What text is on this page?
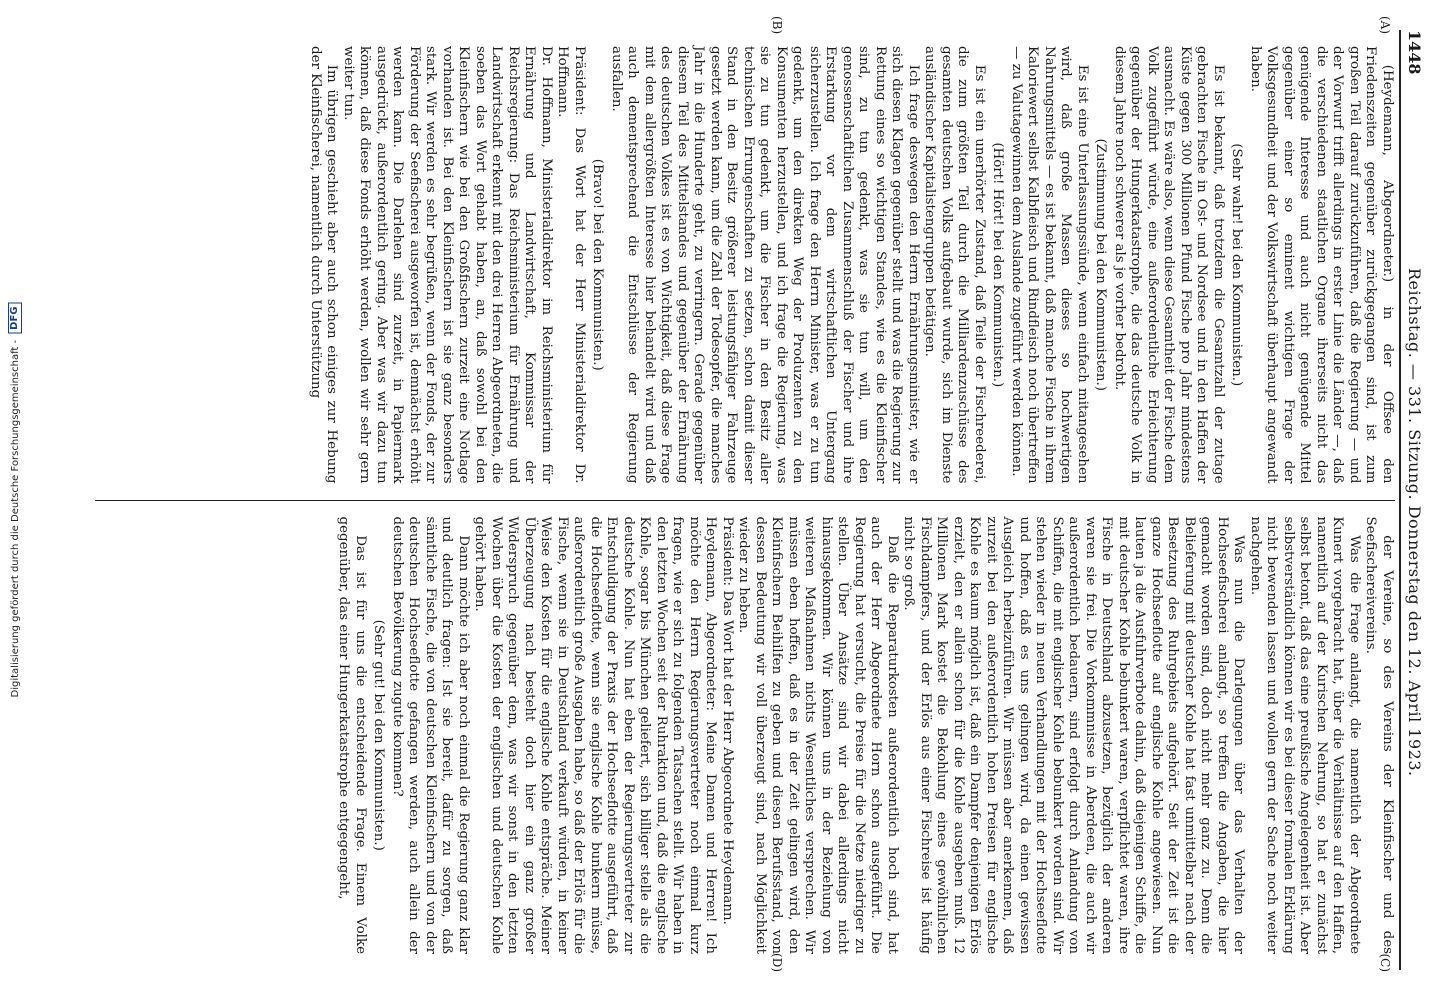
Digitalisierung gefördert durch die Deutsche Forschungsgemeinschaft -
DFG
1448
Reichstag. — 331. Sitzung. Donnerstag den 12. April 1923.
(A)
(B)

(Heydemann, Abgeordneter.) in der Offsee den Friedenszeiten gegenüber zurückgegangen sind, ist zum großen Teil darauf zurückzuführen, daß die Regierung — und der Vorwurf trifft allerdings in erster Linie die Länder —, daß die verschiedenen staatlichen Organe ihrerseits nicht das genügende Interesse und auch nicht genügende Mittel gegenüber einer so eminent wichtigen Frage der Volksgesundheit und der Volkswirtschaft überhaupt angewandt haben.

(Sehr wahr! bei den Kommunisten.)

Es ist bekannt, daß trotzdem die Gesamtzahl der zutage gebrachten Fische in Ost- und Nordsee und in den Haffen der Küste gegen 300 Millionen Pfund Fische pro Jahr mindestens ausmacht. Es wäre also, wenn diese Gesamtheit der Fische dem Volk zugeführt würde, eine außerordentliche Erleichterung gegenüber der Hungerkatastrophe, die das deutsche Volk in diesem Jahre noch schwerer als je vorher bedroht.

(Zustimmung bei den Kommunisten.)

Es ist eine Unterlassungssünde, wenn einfach mitangesehen wird, daß große Massen dieses so hochwertigen Nahrungsmittels — es ist bekannt, daß manche Fische in ihrem Kaloriewert selbst Kalbfleisch und Rindfleisch noch übertreffen — zu Valutagewinnen dem Auslande zugeführt werden können.

(Hört! Hört! bei den Kommunisten.)

Es ist ein unerhörter Zustand, daß Teile der Fischreederei, die zum größten Teil durch die Milliardenzuschüsse des gesamten deutschen Volks aufgebaut wurde, sich im Dienste ausländischer Kapitalistengruppen betätigen.

Ich frage deswegen den Herrn Ernährungsminister, wie er sich diesen Klagen gegenüber stellt und was die Regierung zur Rettung eines so wichtigen Standes, wie es die Kleinfischer sind, zu tun gedenkt, was sie tun will, um den genossenschaftlichen Zusammenschluß der Fischer und ihre Erstarkung vor dem wirtschaftlichen Untergang sicherzustellen. Ich frage den Herrn Minister, was er zu tun gedenkt, um den direkten Weg der Produzenten zu den Konsumenten herzustellen, und ich frage die Regierung, was sie zu tun gedenkt, um die Fischer in den Besitz aller technischen Errungenschaften zu setzen, schon damit dieser Stand in den Besitz größerer leistungsfähiger Fahrzeuge gesetzt werden kann, um die Zahl der Todesopfer, die manches Jahr in die Hunderte geht, zu verringern. Gerade gegenüber diesem Teil des Mittelstandes und gegenüber der Ernährung des deutschen Volkes ist es von Wichtigkeit, daß diese Frage mit dem allergrößten Interesse hier behandelt wird und daß auch dementsprechend die Entschlüsse der Regierung ausfallen.

(Bravo! bei den Kommunisten.)

Präsident: Das Wort hat der Herr Ministerialdirektor Dr. Hoffmann.

Dr. Hoffmann, Ministerialdirektor im Reichsministerium für Ernährung und Landwirtschaft, Kommissar der Reichsregierung: Das Reichsministerium für Ernährung und Landwirtschaft erkennt mit den drei Herren Abgeordneten, die soeben das Wort gehabt haben, an, daß sowohl bei den Kleinfischern wie bei den Großfischern zurzeit eine Notlage vorhanden ist. Bei den Kleinfischern ist sie ganz besonders stark. Wir werden es sehr begrüßen, wenn der Fonds, der zur Förderung der Seefischerei ausgeworfen ist, demnächst erhöht werden kann. Die Darlehen sind zurzeit, in Papiermark ausgedrückt, außerordentlich gering. Aber was wir dazu tun können, daß diese Fonds erhöht werden, wollen wir sehr gern weiter tun.

Im übrigen geschieht aber auch schon einiges zur Hebung der Kleinfischerei, namentlich durch Unterstützung

(C)
(D)

der Vereine, so des Vereins der Kleinfischer und des Seefischereivereins.

Was die Frage anlangt, die namentlich der Abgeordnete Kunert vorgebracht hat, über die Verhältnisse auf den Haffen, namentlich auf der Kurischen Nehrung, so hat er zunächst selbst betont, daß das eine preußische Angelegenheit ist. Aber selbstverständlich können wir es bei dieser formalen Erklärung nicht bewenden lassen und wollen gern der Sache noch weiter nachgehen.

Was nun die Darlegungen über das Verhalten der Hochseefischerei anlangt, so treffen die Angaben, die hier gemacht worden sind, doch nicht mehr ganz zu. Denn die Belieferung mit deutscher Kohle hat fast unmittelbar nach der Besetzung des Ruhrgebiets aufgehört. Seit der Zeit ist die ganze Hochseeflotte auf englische Kohle angewiesen. Nun lauten ja die Ausfuhrverbote dahin, daß diejenigen Schiffe, die mit deutscher Kohle bebunkert waren, verpflichtet waren, ihre Fische in Deutschland abzusetzen, bezüglich der anderen waren sie frei. Die Vorkommnisse in Aberdeen, die auch wir außerordentlich bedauern, sind erfolgt durch Anlandung von Schiffen, die mit englischer Kohle bebunkert worden sind. Wir stehen wieder in neuen Verhandlungen mit der Hochseeflotte und hoffen, daß es uns gelingen wird, da einen gewissen Ausgleich herbeizuführen. Wir müssen aber anerkennen, daß zurzeit bei den außerordentlich hohen Preisen für englische Kohle es kaum möglich ist, daß ein Dampfer denjenigen Erlös erzielt, den er allein schon für die Kohle ausgeben muß. 12 Millionen Mark kostet die Bekohlung eines gewöhnlichen Fischdampfers, und der Erlös aus einer Fischreise ist häufig nicht so groß.

Daß die Reparaturkosten außerordentlich hoch sind, hat auch der Herr Abgeordnete Horn schon ausgeführt. Die Regierung hat versucht, die Preise für die Netze niedriger zu stellen. Über Ansätze sind wir dabei allerdings nicht hinausgekommen. Wir können uns in der Beziehung von weiteren Maßnahmen nichts Wesentliches versprechen. Wir müssen eben hoffen, daß es in der Zeit gelingen wird, den Kleinfischern Beihilfen zu geben und diesen Berufsstand, von dessen Bedeutung wir voll überzeugt sind, nach Möglichkeit wieder zu heben.

Präsident: Das Wort hat der Herr Abgeordnete Heydemann.

Heydemann, Abgeordneter: Meine Damen und Herren! Ich möchte den Herrn Regierungsvertreter noch einmal kurz fragen, wie er sich zu folgenden Tatsachen stellt. Wir haben in den letzten Wochen seit der Ruhraktion und, daß die englische Kohle, sogar bis München geliefert, sich billiger stelle als die deutsche Kohle. Nun hat eben der Regierungsvertreter zur Entschuldigung der Praxis der Hochseeflotte ausgeführt, daß die Hochseeflotte, wenn sie englische Kohle bunkern müsse, außerordentlich große Ausgaben habe, so daß der Erlös für die Fische, wenn sie in Deutschland verkauft würden, in keiner Weise den Kosten für die englische Kohle entspräche. Meiner Überzeugung nach besteht doch hier ein ganz großer Widerspruch gegenüber dem, was wir sonst in den letzten Wochen über die Kosten der englischen und deutschen Kohle gehört haben.

Dann möchte ich aber noch einmal die Regierung ganz klar und deutlich fragen: Ist sie bereit, dafür zu sorgen, daß sämtliche Fische, die von deutschen Kleinfischern und von der deutschen Hochseeflotte gefangen werden, auch allein der deutschen Bevölkerung zugute kommen?

(Sehr gut! bei den Kommunisten.)

Das ist für uns die entscheidende Frage. Einem Volke gegenüber, das einer Hungerkatastrophe entgegengeht,
